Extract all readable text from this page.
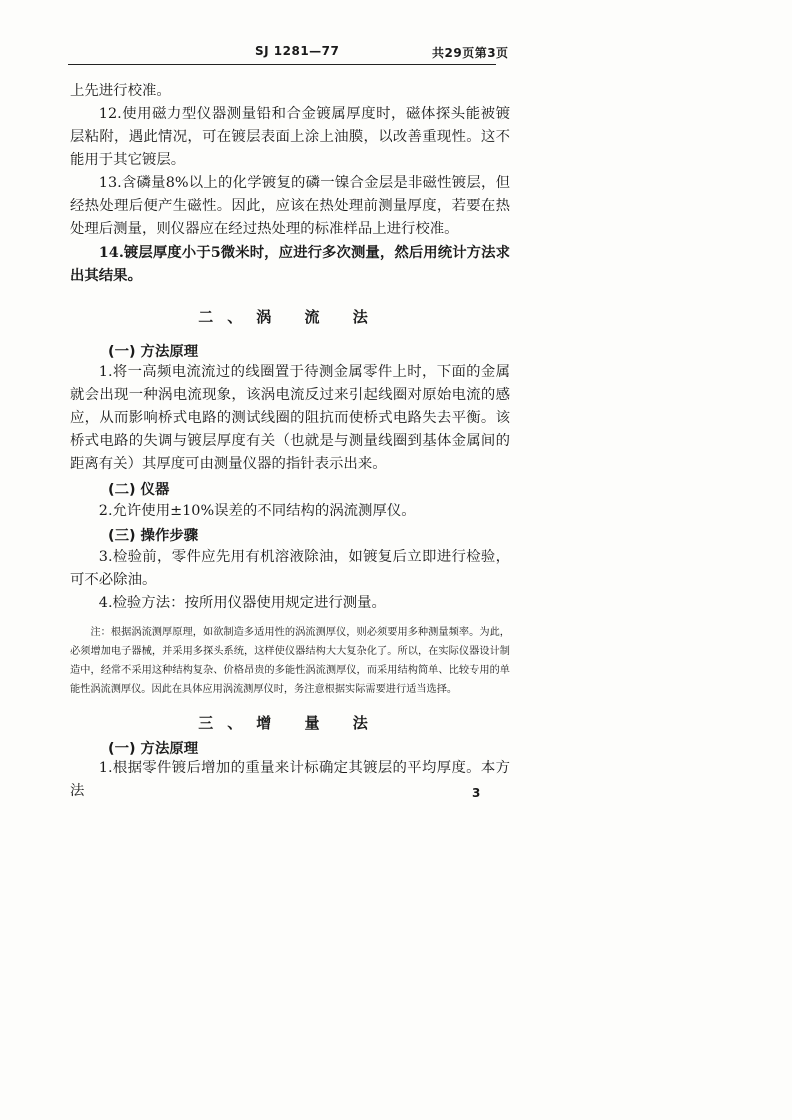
SJ 1281—77	共29页第3页

上先进行校准。

12.使用磁力型仪器测量铅和合金镀属厚度时，磁体探头能被镀层粘附，遇此情况，可在镀层表面上涂上油膜，以改善重现性。这不能用于其它镀层。

13.含磷量8%以上的化学镀复的磷一镍合金层是非磁性镀层，但经热处理后便产生磁性。因此，应该在热处理前测量厚度，若要在热处理后测量，则仪器应在经过热处理的标准样品上进行校准。

14.镀层厚度小于5微米时，应进行多次测量，然后用统计方法求出其结果。

二、涡 流 法
(一) 方法原理

1.将一高频电流流过的线圈置于待测金属零件上时，下面的金属就会出现一种涡电流现象，该涡电流反过来引起线圈对原始电流的感应，从而影响桥式电路的测试线圈的阻抗而使桥式电路失去平衡。该桥式电路的失调与镀层厚度有关（也就是与测量线圈到基体金属间的距离有关）其厚度可由测量仪器的指针表示出来。

(二) 仪器

2.允许使用±10%误差的不同结构的涡流测厚仪。

(三) 操作步骤

3.检验前，零件应先用有机溶液除油，如镀复后立即进行检验，可不必除油。

4.检验方法：按所用仪器使用规定进行测量。

注：根据涡流测厚原理，如欲制造多适用性的涡流测厚仪，则必须要用多种测量频率。为此，必须增加电子器械，并采用多探头系统，这样使仪器结构大大复杂化了。所以，在实际仪器设计制造中，经常不采用这种结构复杂、价格昂贵的多能性涡流测厚仪，而采用结构简单、比较专用的单能性涡流测厚仪。因此在具体应用涡流测厚仪时，务注意根据实际需要进行适当选择。

三、增 量 法
(一) 方法原理

1.根据零件镀后增加的重量来计标确定其镀层的平均厚度。本方法	3
